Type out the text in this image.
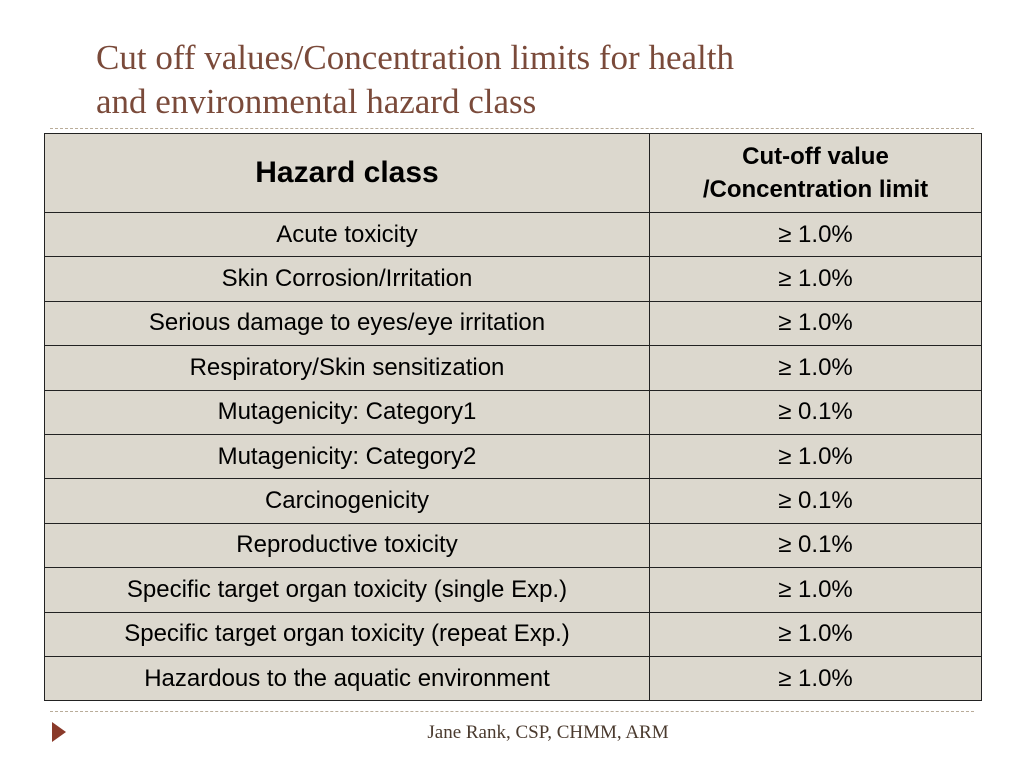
Cut off values/Concentration limits for health
and environmental hazard class
Hazard class	Cut-off value
/Concentration limit

Acute toxicity	≥ 1.0%
Skin Corrosion/Irritation	≥ 1.0%
Serious damage to eyes/eye irritation	≥ 1.0%
Respiratory/Skin sensitization	≥ 1.0%
Mutagenicity: Category1	≥ 0.1%
Mutagenicity: Category2	≥ 1.0%
Carcinogenicity	≥ 0.1%
Reproductive toxicity	≥ 0.1%
Specific target organ toxicity (single Exp.)	≥ 1.0%
Specific target organ toxicity (repeat Exp.)	≥ 1.0%
Hazardous to the aquatic environment	≥ 1.0%
Jane Rank, CSP, CHMM, ARM
